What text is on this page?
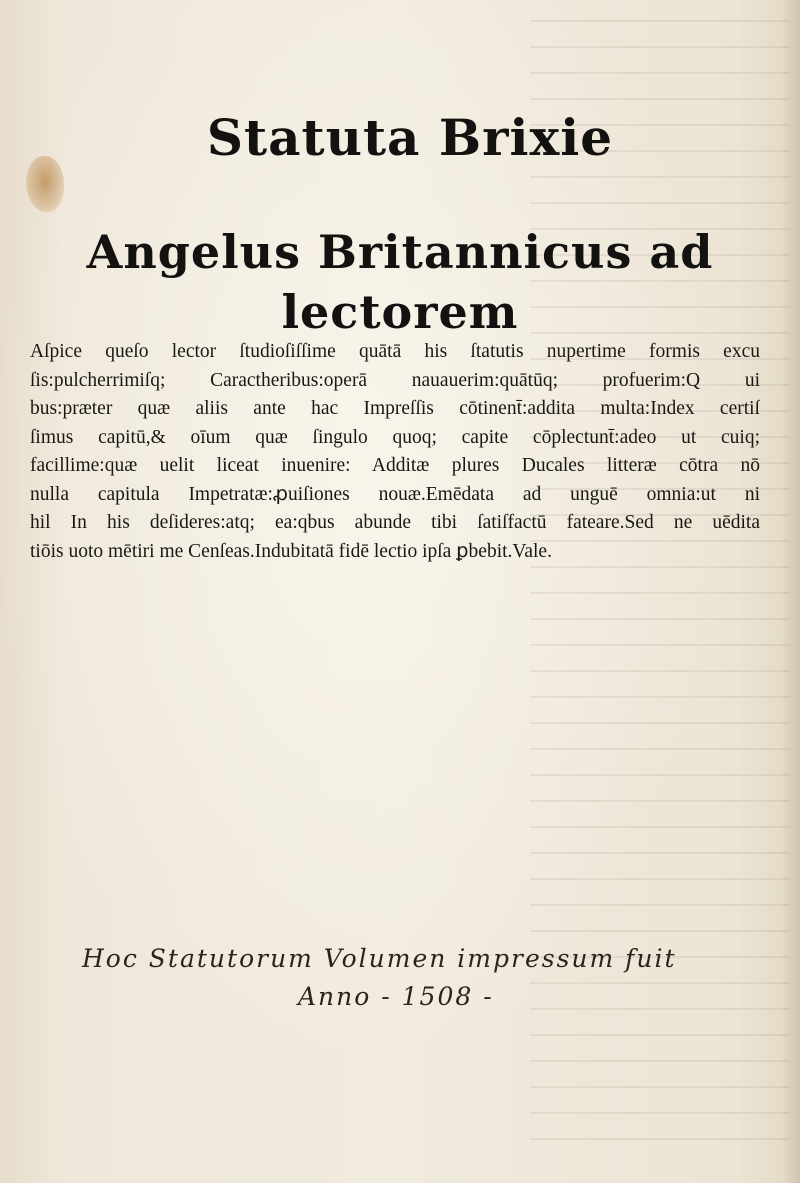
Statuta Brixie
Angelus Britannicus ad lectorem
Aſpice queſo lector ſtudioſiſſime quātā his ſtatutis nupertime formis excu
ſis:pulcherrimiſq; Caractheribus:operā nauauerim:quātūq; profuerim:Q ui
bus:præter quæ aliis ante hac Impreſſis cōtinent̄:addita multa:Index certiſ
ſimus capitū,& oīum quæ ſingulo quoq; capite cōplectunt̄:adeo ut cuiq;
facillime:quæ uelit liceat inuenire: Additæ plures Ducales litteræ cōtra nō
nulla capitula Impetratæ:ꝓuiſiones nouæ.Emēdata ad unguē omnia:ut ni
hil In his deſideres:atq; ea:qbus abunde tibi ſatiſfactū fateare.Sed ne uēdita
tiōis uoto mētiri me Cenſeas.Indubitatā fidē lectio ipſa ꝑbebit.Vale.

Hoc Statutorum Volumen impressum fuit

Anno - 1508 -
